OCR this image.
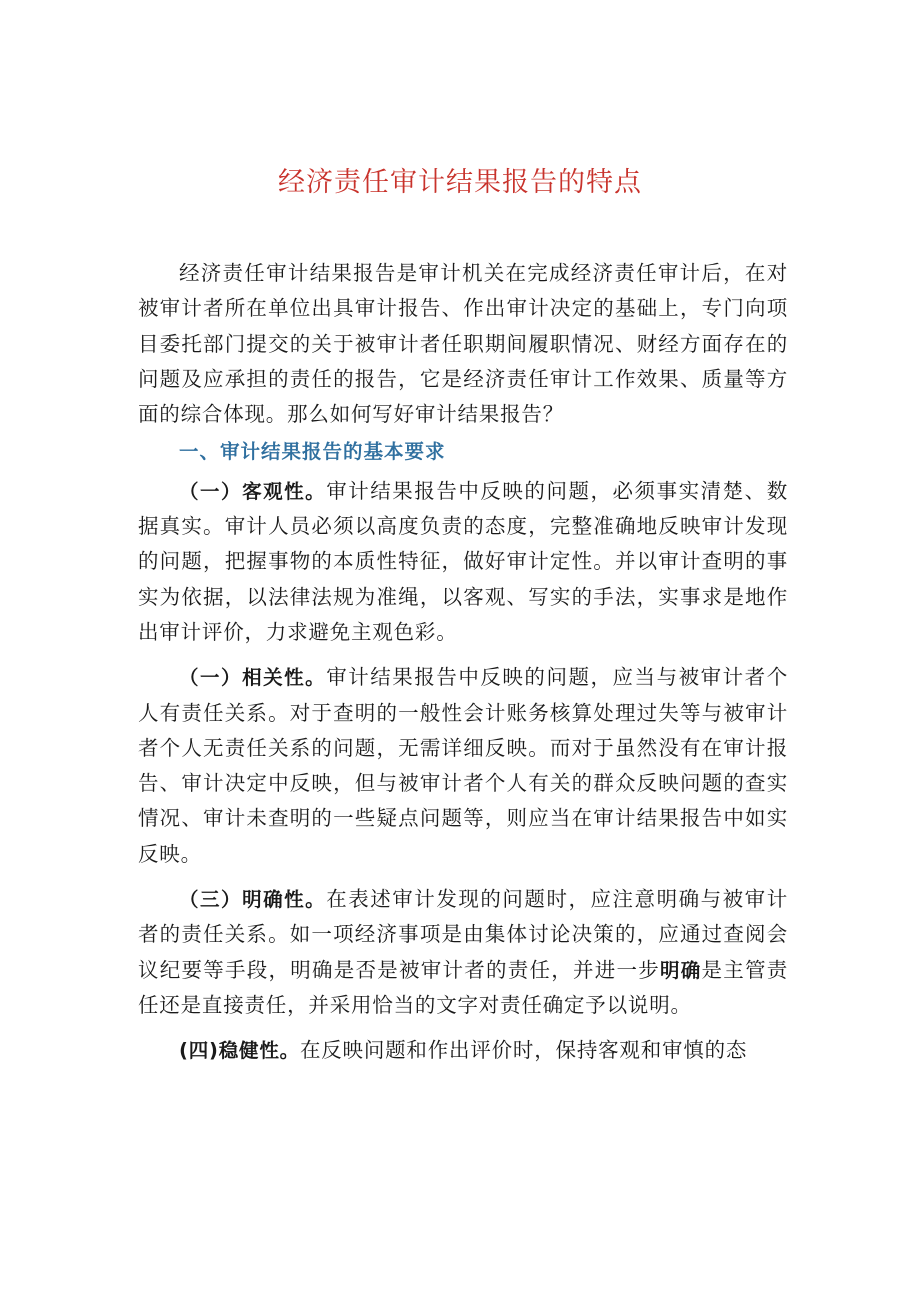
经济责任审计结果报告的特点

经济责任审计结果报告是审计机关在完成经济责任审计后，在对被审计者所在单位出具审计报告、作出审计决定的基础上，专门向项目委托部门提交的关于被审计者任职期间履职情况、财经方面存在的问题及应承担的责任的报告，它是经济责任审计工作效果、质量等方面的综合体现。那么如何写好审计结果报告？

一、审计结果报告的基本要求

（一）客观性。审计结果报告中反映的问题，必须事实清楚、数据真实。审计人员必须以高度负责的态度，完整准确地反映审计发现的问题，把握事物的本质性特征，做好审计定性。并以审计查明的事实为依据，以法律法规为准绳，以客观、写实的手法，实事求是地作出审计评价，力求避免主观色彩。

（一）相关性。审计结果报告中反映的问题，应当与被审计者个人有责任关系。对于查明的一般性会计账务核算处理过失等与被审计者个人无责任关系的问题，无需详细反映。而对于虽然没有在审计报告、审计决定中反映，但与被审计者个人有关的群众反映问题的查实情况、审计未查明的一些疑点问题等，则应当在审计结果报告中如实反映。

（三）明确性。在表述审计发现的问题时，应注意明确与被审计者的责任关系。如一项经济事项是由集体讨论决策的，应通过查阅会议纪要等手段，明确是否是被审计者的责任，并进一步明确是主管责任还是直接责任，并采用恰当的文字对责任确定予以说明。

(四)稳健性。在反映问题和作出评价时，保持客观和审慎的态
